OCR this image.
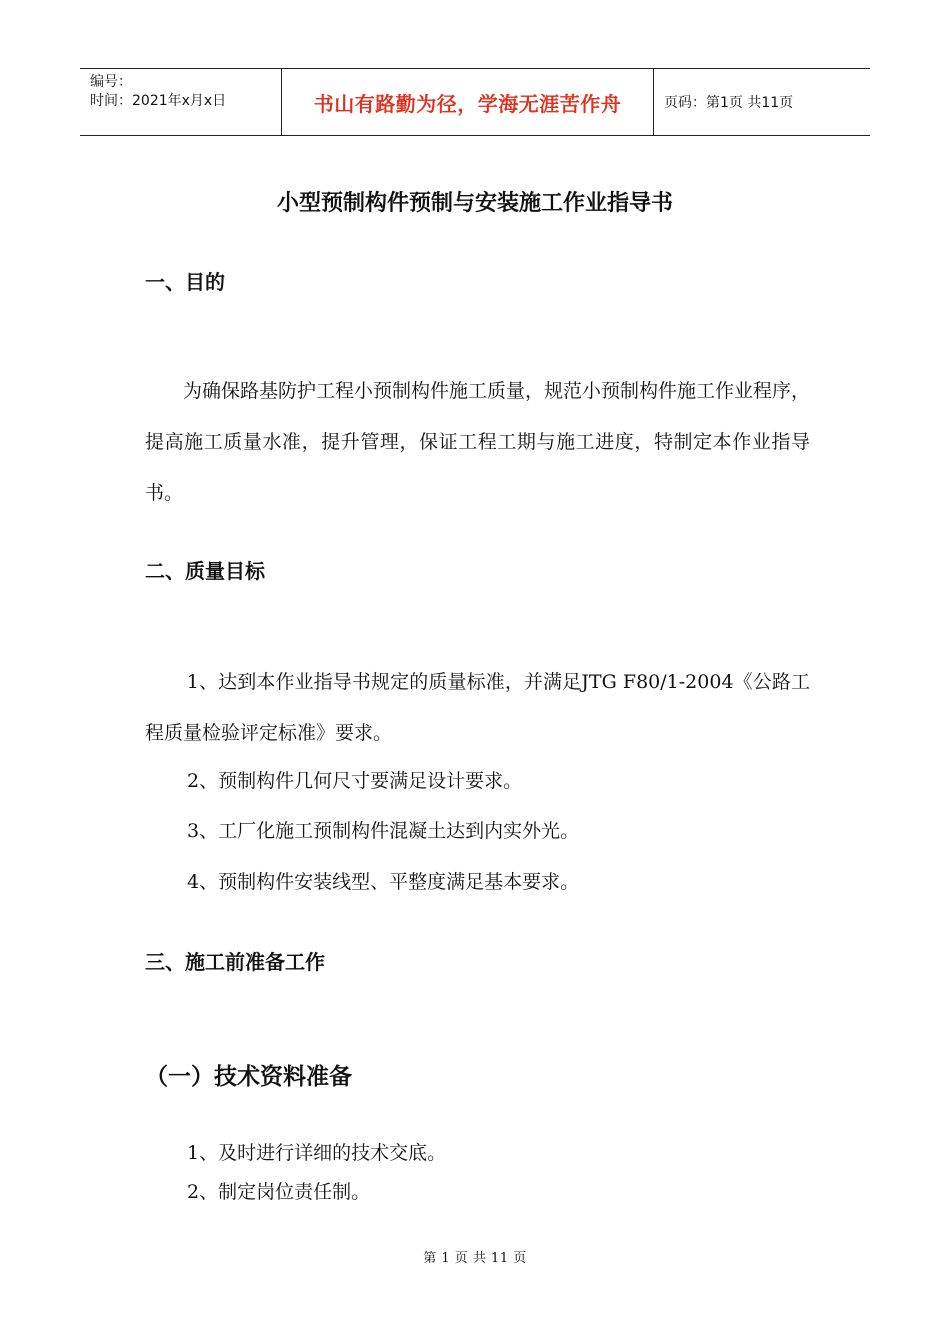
编号：
时间：2021年x月x日	书山有路勤为径，学海无涯苦作舟	页码：第1页 共11页
小型预制构件预制与安装施工作业指导书
一、目的
为确保路基防护工程小预制构件施工质量，规范小预制构件施工作业程序，提高施工质量水准，提升管理，保证工程工期与施工进度，特制定本作业指导书。
二、质量目标
1、达到本作业指导书规定的质量标准，并满足JTG F80/1-2004《公路工程质量检验评定标准》要求。
2、预制构件几何尺寸要满足设计要求。
3、工厂化施工预制构件混凝土达到内实外光。
4、预制构件安装线型、平整度满足基本要求。
三、施工前准备工作
（一）技术资料准备
1、及时进行详细的技术交底。
2、制定岗位责任制。
第 1 页 共 11 页
